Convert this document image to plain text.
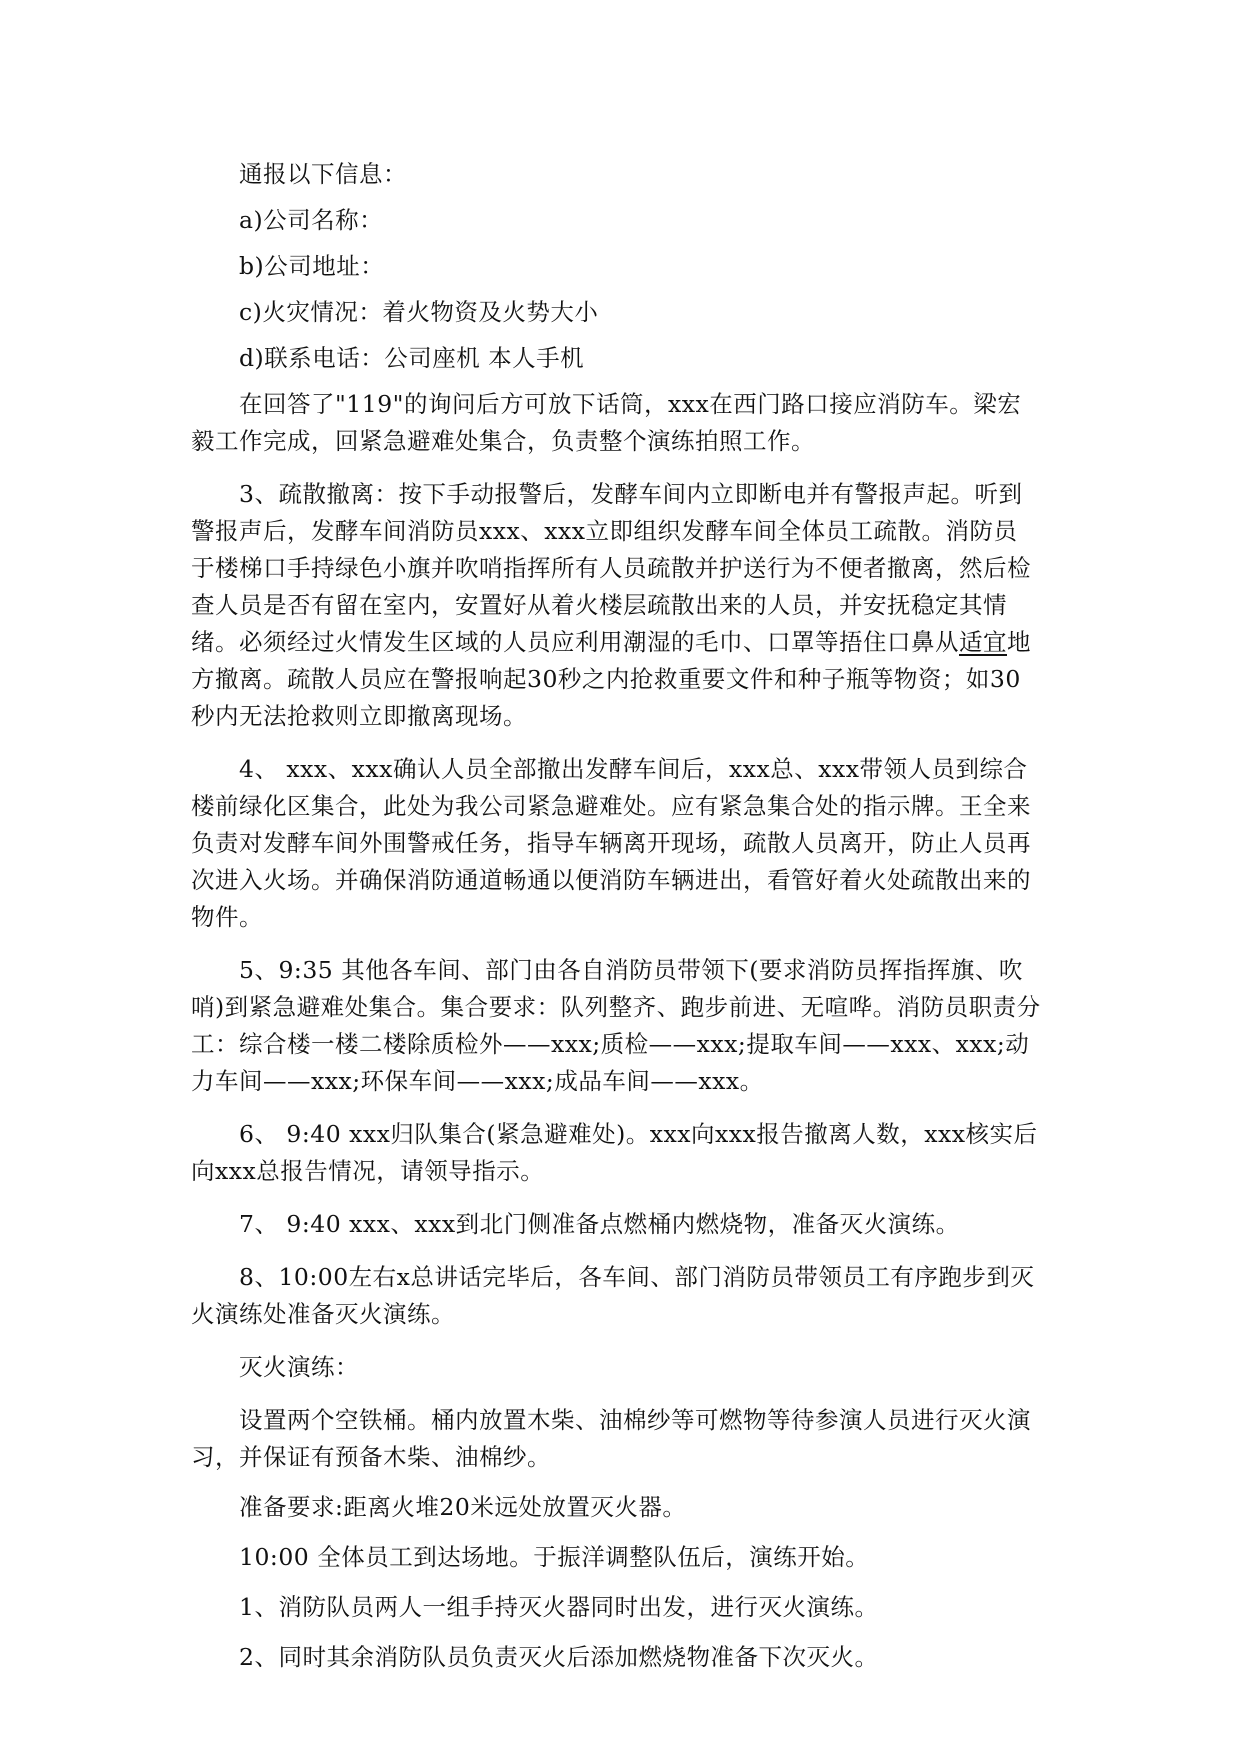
通报以下信息：

a)公司名称：

b)公司地址：

c)火灾情况：着火物资及火势大小

d)联系电话：公司座机 本人手机

在回答了"119"的询问后方可放下话筒，xxx在西门路口接应消防车。梁宏毅工作完成，回紧急避难处集合，负责整个演练拍照工作。

3、疏散撤离：按下手动报警后，发酵车间内立即断电并有警报声起。听到警报声后，发酵车间消防员xxx、xxx立即组织发酵车间全体员工疏散。消防员于楼梯口手持绿色小旗并吹哨指挥所有人员疏散并护送行为不便者撤离，然后检查人员是否有留在室内，安置好从着火楼层疏散出来的人员，并安抚稳定其情绪。必须经过火情发生区域的人员应利用潮湿的毛巾、口罩等捂住口鼻从适宜地方撤离。疏散人员应在警报响起30秒之内抢救重要文件和种子瓶等物资；如30秒内无法抢救则立即撤离现场。

4、 xxx、xxx确认人员全部撤出发酵车间后，xxx总、xxx带领人员到综合楼前绿化区集合，此处为我公司紧急避难处。应有紧急集合处的指示牌。王全来负责对发酵车间外围警戒任务，指导车辆离开现场，疏散人员离开，防止人员再次进入火场。并确保消防通道畅通以便消防车辆进出，看管好着火处疏散出来的物件。

5、9:35 其他各车间、部门由各自消防员带领下(要求消防员挥指挥旗、吹哨)到紧急避难处集合。集合要求：队列整齐、跑步前进、无喧哗。消防员职责分工：综合楼一楼二楼除质检外——xxx;质检——xxx;提取车间——xxx、xxx;动力车间——xxx;环保车间——xxx;成品车间——xxx。

6、 9:40 xxx归队集合(紧急避难处)。xxx向xxx报告撤离人数，xxx核实后向xxx总报告情况，请领导指示。

7、 9:40 xxx、xxx到北门侧准备点燃桶内燃烧物，准备灭火演练。

8、10:00左右x总讲话完毕后，各车间、部门消防员带领员工有序跑步到灭火演练处准备灭火演练。

灭火演练：

设置两个空铁桶。桶内放置木柴、油棉纱等可燃物等待参演人员进行灭火演习，并保证有预备木柴、油棉纱。

准备要求:距离火堆20米远处放置灭火器。

10:00 全体员工到达场地。于振洋调整队伍后，演练开始。

1、消防队员两人一组手持灭火器同时出发，进行灭火演练。

2、同时其余消防队员负责灭火后添加燃烧物准备下次灭火。
